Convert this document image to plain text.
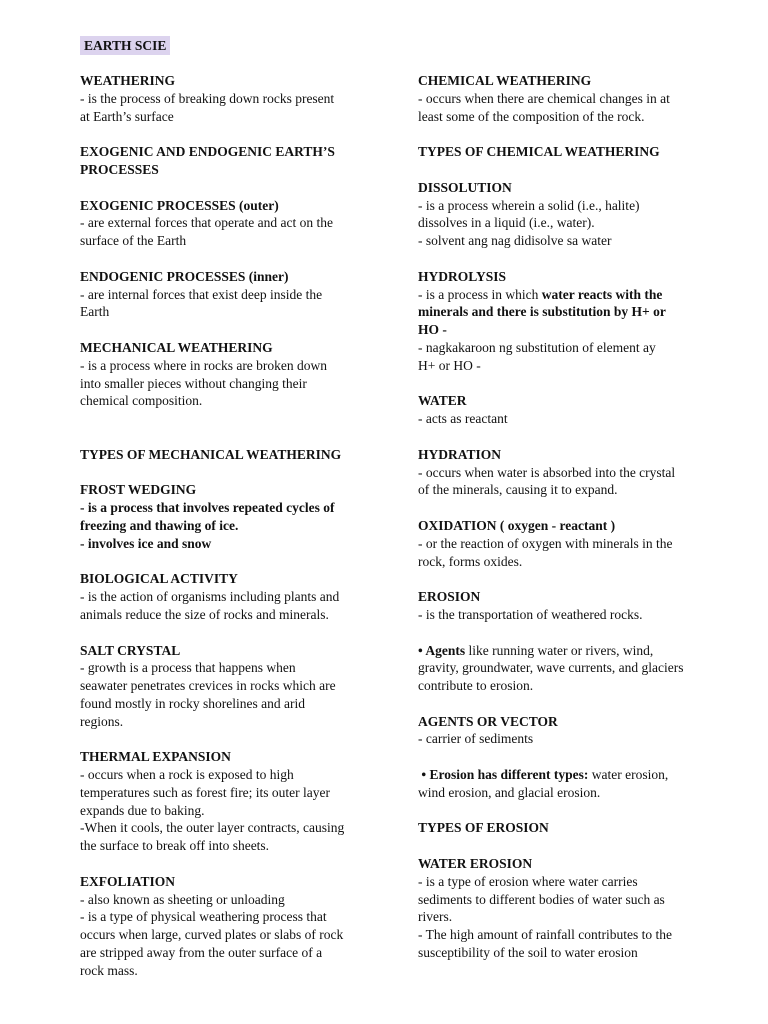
EARTH SCIE

WEATHERING

- is the process of breaking down rocks present

at Earth’s surface

EXOGENIC AND ENDOGENIC EARTH’S

PROCESSES

EXOGENIC PROCESSES (outer)

- are external forces that operate and act on the

surface of the Earth

ENDOGENIC PROCESSES (inner)

- are internal forces that exist deep inside the

Earth

MECHANICAL WEATHERING

- is a process where in rocks are broken down

into smaller pieces without changing their

chemical composition.

TYPES OF MECHANICAL WEATHERING

FROST WEDGING

- is a process that involves repeated cycles of

freezing and thawing of ice.

- involves ice and snow

BIOLOGICAL ACTIVITY

- is the action of organisms including plants and

animals reduce the size of rocks and minerals.

SALT CRYSTAL

- growth is a process that happens when

seawater penetrates crevices in rocks which are

found mostly in rocky shorelines and arid

regions.

THERMAL EXPANSION

- occurs when a rock is exposed to high

temperatures such as forest fire; its outer layer

expands due to baking.

-When it cools, the outer layer contracts, causing

the surface to break off into sheets.

EXFOLIATION

- also known as sheeting or unloading

- is a type of physical weathering process that

occurs when large, curved plates or slabs of rock

are stripped away from the outer surface of a

rock mass.

CHEMICAL WEATHERING

- occurs when there are chemical changes in at

least some of the composition of the rock.

TYPES OF CHEMICAL WEATHERING

DISSOLUTION

- is a process wherein a solid (i.e., halite)

dissolves in a liquid (i.e., water).

- solvent ang nag didisolve sa water

HYDROLYSIS

- is a process in which water reacts with the

minerals and there is substitution by H+ or

HO -

- nagkakaroon ng substitution of element ay

H+ or HO -

WATER

- acts as reactant

HYDRATION

- occurs when water is absorbed into the crystal

of the minerals, causing it to expand.

OXIDATION ( oxygen - reactant )

- or the reaction of oxygen with minerals in the

rock, forms oxides.

EROSION

- is the transportation of weathered rocks.

• Agents like running water or rivers, wind,

gravity, groundwater, wave currents, and glaciers

contribute to erosion.

AGENTS OR VECTOR

- carrier of sediments

• Erosion has different types: water erosion,

wind erosion, and glacial erosion.

TYPES OF EROSION

WATER EROSION

- is a type of erosion where water carries

sediments to different bodies of water such as

rivers.

- The high amount of rainfall contributes to the

susceptibility of the soil to water erosion
